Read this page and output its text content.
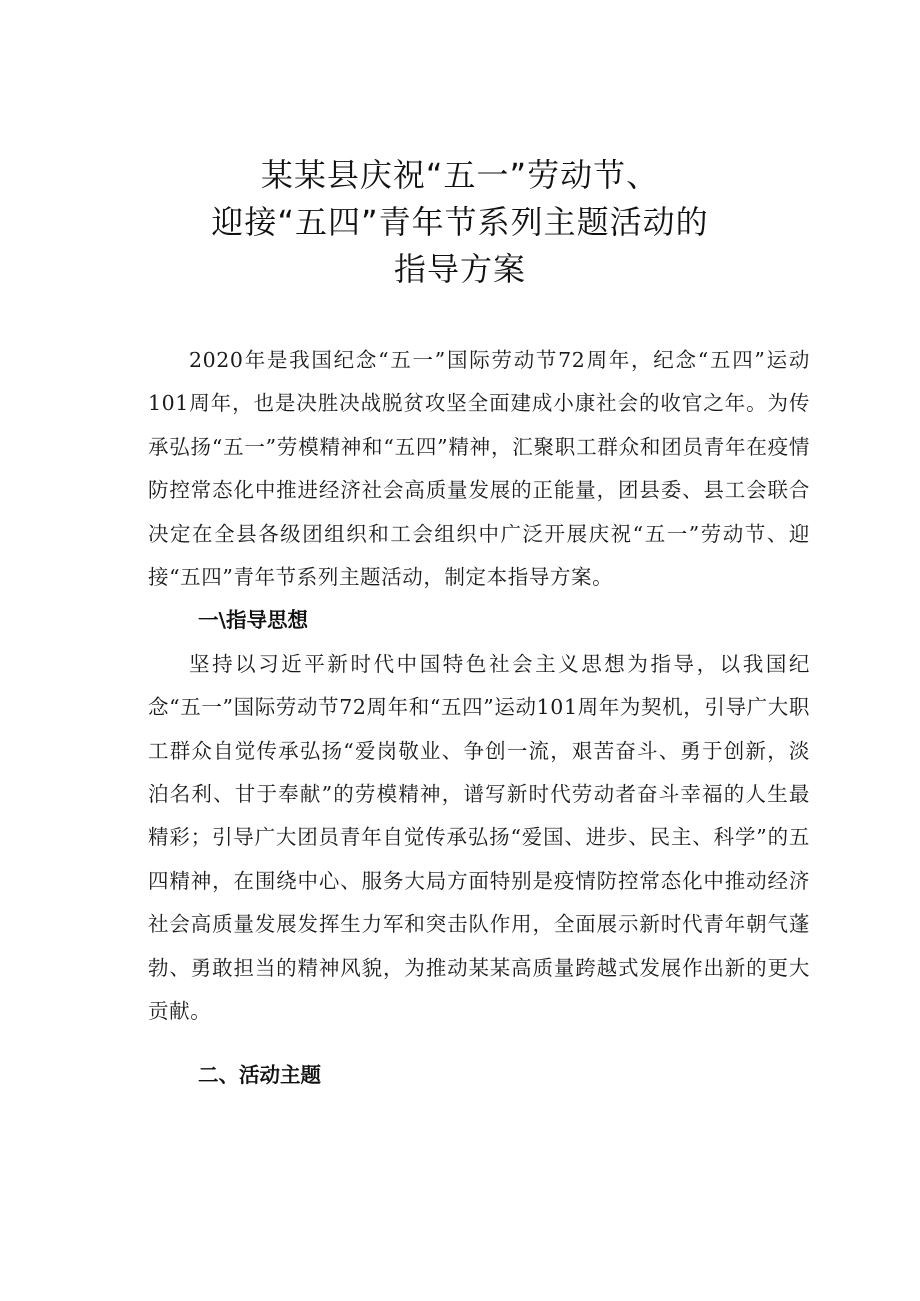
某某县庆祝“五一”劳动节、
迎接“五四”青年节系列主题活动的
指导方案

2020年是我国纪念“五一”国际劳动节72周年，纪念“五四”运动101周年，也是决胜决战脱贫攻坚全面建成小康社会的收官之年。为传承弘扬“五一”劳模精神和“五四”精神，汇聚职工群众和团员青年在疫情防控常态化中推进经济社会高质量发展的正能量，团县委、县工会联合决定在全县各级团组织和工会组织中广泛开展庆祝“五一”劳动节、迎接“五四”青年节系列主题活动，制定本指导方案。

一\指导思想

坚持以习近平新时代中国特色社会主义思想为指导，以我国纪念“五一”国际劳动节72周年和“五四”运动101周年为契机，引导广大职工群众自觉传承弘扬“爱岗敬业、争创一流，艰苦奋斗、勇于创新，淡泊名利、甘于奉献”的劳模精神，谱写新时代劳动者奋斗幸福的人生最精彩；引导广大团员青年自觉传承弘扬“爱国、进步、民主、科学”的五四精神，在围绕中心、服务大局方面特别是疫情防控常态化中推动经济社会高质量发展发挥生力军和突击队作用，全面展示新时代青年朝气蓬勃、勇敢担当的精神风貌，为推动某某高质量跨越式发展作出新的更大贡献。

二、活动主题
